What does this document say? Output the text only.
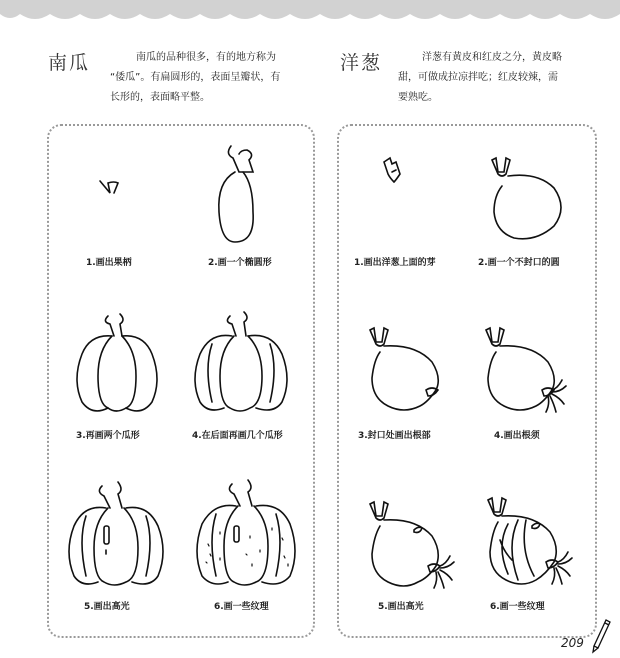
南瓜	南瓜的品种很多，有的地方称为
“倭瓜”。有扁圆形的，表面呈瓣状，有
长形的，表面略平整。
洋葱	洋葱有黄皮和红皮之分，黄皮略
甜，可做成拉凉拌吃；红皮较辣，需
要熟吃。
1.画出果柄	2.画一个椭圆形
3.再画两个瓜形	4.在后面再画几个瓜形
5.画出高光	6.画一些纹理
1.画出洋葱上面的芽	2.画一个不封口的圆
3.封口处画出根部	4.画出根须
5.画出高光	6.画一些纹理
209
